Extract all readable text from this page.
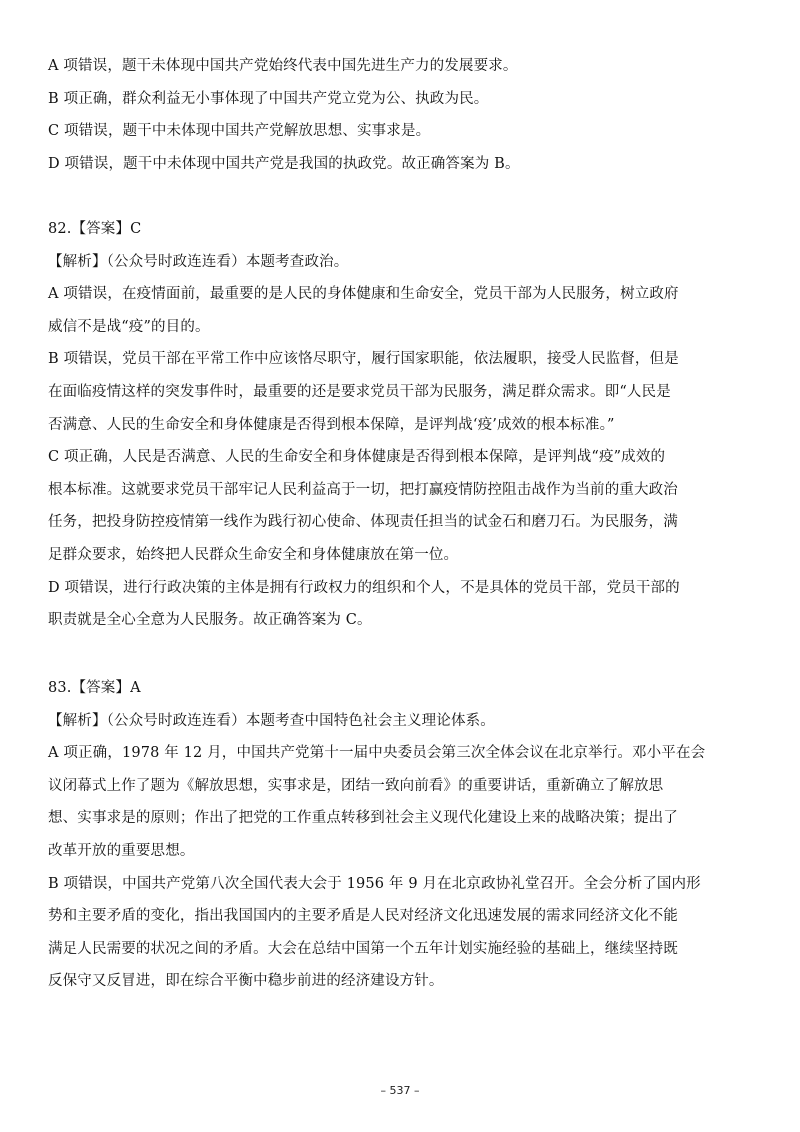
A 项错误，题干未体现中国共产党始终代表中国先进生产力的发展要求。
B 项正确，群众利益无小事体现了中国共产党立党为公、执政为民。
C 项错误，题干中未体现中国共产党解放思想、实事求是。
D 项错误，题干中未体现中国共产党是我国的执政党。故正确答案为 B。
82.【答案】C
【解析】（公众号时政连连看）本题考查政治。
A 项错误，在疫情面前，最重要的是人民的身体健康和生命安全，党员干部为人民服务，树立政府
威信不是战“疫”的目的。
B 项错误，党员干部在平常工作中应该恪尽职守，履行国家职能，依法履职，接受人民监督，但是
在面临疫情这样的突发事件时，最重要的还是要求党员干部为民服务，满足群众需求。即“人民是
否满意、人民的生命安全和身体健康是否得到根本保障，是评判战‘疫’成效的根本标准。”
C 项正确，人民是否满意、人民的生命安全和身体健康是否得到根本保障，是评判战“疫”成效的
根本标准。这就要求党员干部牢记人民利益高于一切，把打赢疫情防控阻击战作为当前的重大政治
任务，把投身防控疫情第一线作为践行初心使命、体现责任担当的试金石和磨刀石。为民服务，满
足群众要求，始终把人民群众生命安全和身体健康放在第一位。
D 项错误，进行行政决策的主体是拥有行政权力的组织和个人，不是具体的党员干部，党员干部的
职责就是全心全意为人民服务。故正确答案为 C。
83.【答案】A
【解析】（公众号时政连连看）本题考查中国特色社会主义理论体系。
A 项正确，1978 年 12 月，中国共产党第十一届中央委员会第三次全体会议在北京举行。邓小平在会
议闭幕式上作了题为《解放思想，实事求是，团结一致向前看》的重要讲话，重新确立了解放思
想、实事求是的原则；作出了把党的工作重点转移到社会主义现代化建设上来的战略决策；提出了
改革开放的重要思想。
B 项错误，中国共产党第八次全国代表大会于 1956 年 9 月在北京政协礼堂召开。全会分析了国内形
势和主要矛盾的变化，指出我国国内的主要矛盾是人民对经济文化迅速发展的需求同经济文化不能
满足人民需要的状况之间的矛盾。大会在总结中国第一个五年计划实施经验的基础上，继续坚持既
反保守又反冒进，即在综合平衡中稳步前进的经济建设方针。
– 537 –
